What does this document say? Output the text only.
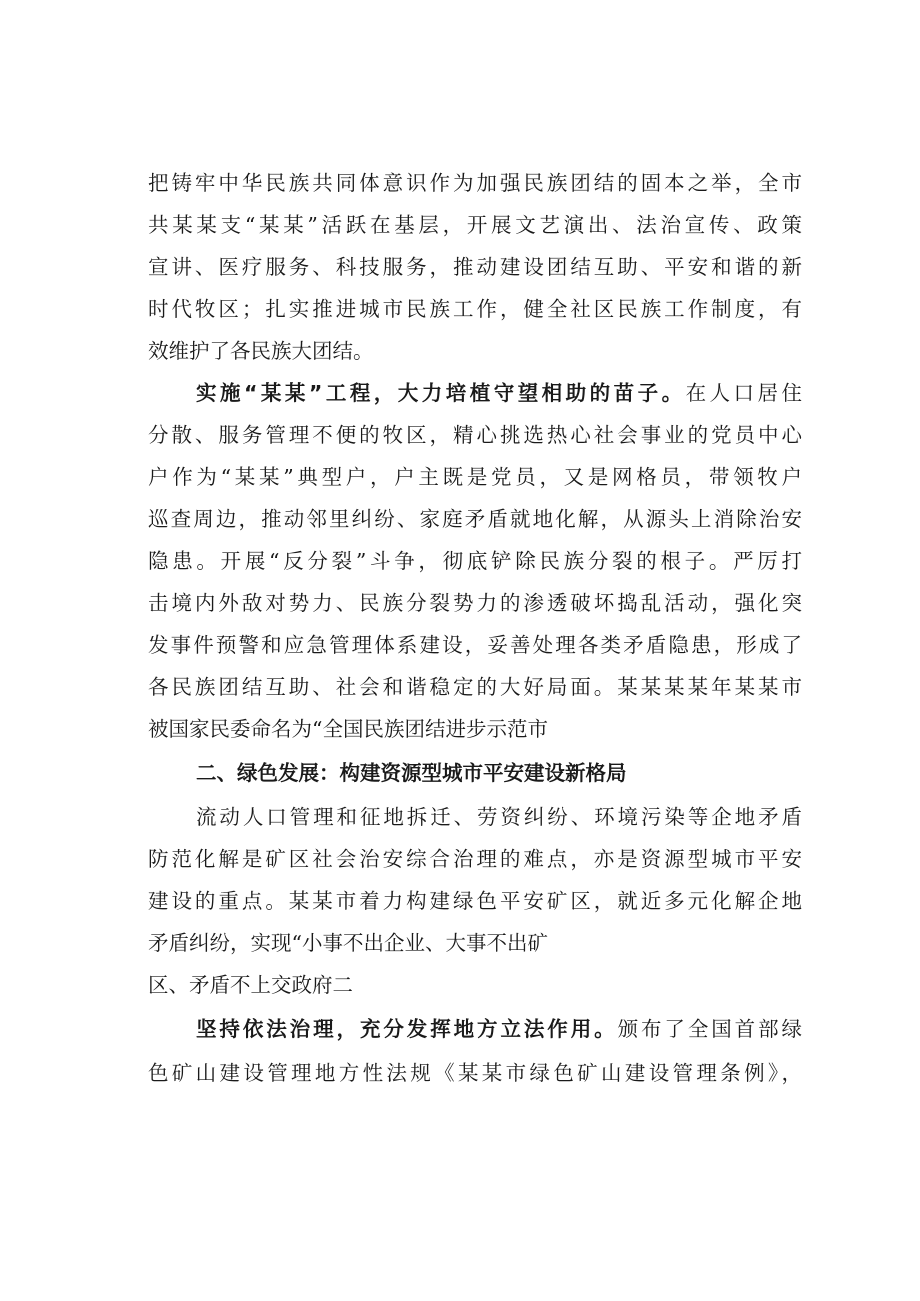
把铸牢中华民族共同体意识作为加强民族团结的固本之举，全市
共某某支“某某”活跃在基层，开展文艺演出、法治宣传、政策
宣讲、医疗服务、科技服务，推动建设团结互助、平安和谐的新
时代牧区；扎实推进城市民族工作，健全社区民族工作制度，有
效维护了各民族大团结。
实施“某某”工程，大力培植守望相助的苗子。在人口居住
分散、服务管理不便的牧区，精心挑选热心社会事业的党员中心
户作为“某某”典型户，户主既是党员，又是网格员，带领牧户
巡查周边，推动邻里纠纷、家庭矛盾就地化解，从源头上消除治安
隐患。开展“反分裂”斗争，彻底铲除民族分裂的根子。严厉打
击境内外敌对势力、民族分裂势力的渗透破坏捣乱活动，强化突
发事件预警和应急管理体系建设，妥善处理各类矛盾隐患，形成了
各民族团结互助、社会和谐稳定的大好局面。某某某某年某某市
被国家民委命名为“全国民族团结进步示范市
二、绿色发展：构建资源型城市平安建设新格局
流动人口管理和征地拆迁、劳资纠纷、环境污染等企地矛盾
防范化解是矿区社会治安综合治理的难点，亦是资源型城市平安
建设的重点。某某市着力构建绿色平安矿区，就近多元化解企地
矛盾纠纷，实现“小事不出企业、大事不出矿
区、矛盾不上交政府二
坚持依法治理，充分发挥地方立法作用。颁布了全国首部绿
色矿山建设管理地方性法规《某某市绿色矿山建设管理条例》，
